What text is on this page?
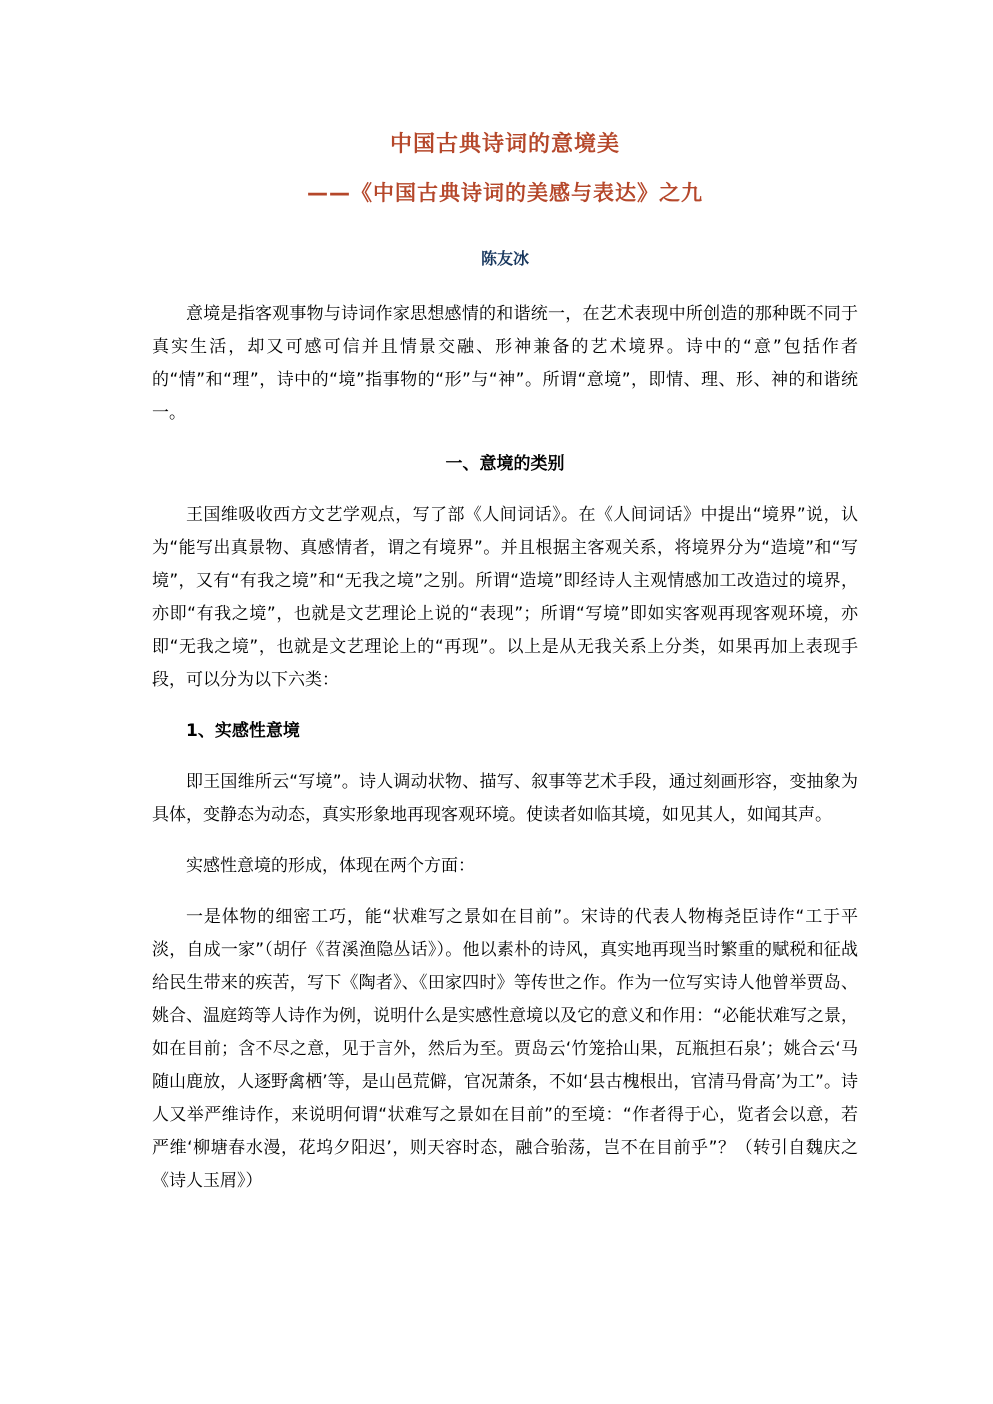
中国古典诗词的意境美
——《中国古典诗词的美感与表达》之九
陈友冰

意境是指客观事物与诗词作家思想感情的和谐统一，在艺术表现中所创造的那种既不同于真实生活，却又可感可信并且情景交融、形神兼备的艺术境界。诗中的“意”包括作者的“情”和“理”，诗中的“境”指事物的“形”与“神”。所谓“意境”，即情、理、形、神的和谐统一。

一、意境的类别

王国维吸收西方文艺学观点，写了部《人间词话》。在《人间词话》中提出“境界”说，认为“能写出真景物、真感情者，谓之有境界”。并且根据主客观关系，将境界分为“造境”和“写境”，又有“有我之境”和“无我之境”之别。所谓“造境”即经诗人主观情感加工改造过的境界，亦即“有我之境”，也就是文艺理论上说的“表现”；所谓“写境”即如实客观再现客观环境，亦即“无我之境”，也就是文艺理论上的“再现”。以上是从无我关系上分类，如果再加上表现手段，可以分为以下六类：

1、实感性意境

即王国维所云“写境”。诗人调动状物、描写、叙事等艺术手段，通过刻画形容，变抽象为具体，变静态为动态，真实形象地再现客观环境。使读者如临其境，如见其人，如闻其声。

实感性意境的形成，体现在两个方面：

一是体物的细密工巧，能“状难写之景如在目前”。宋诗的代表人物梅尧臣诗作“工于平淡，自成一家”（胡仔《苕溪渔隐丛话》）。他以素朴的诗风，真实地再现当时繁重的赋税和征战给民生带来的疾苦，写下《陶者》、《田家四时》等传世之作。作为一位写实诗人他曾举贾岛、姚合、温庭筠等人诗作为例，说明什么是实感性意境以及它的意义和作用：“必能状难写之景，如在目前；含不尽之意，见于言外，然后为至。贾岛云‘竹笼拾山果，瓦瓶担石泉’；姚合云‘马随山鹿放，人逐野禽栖’等，是山邑荒僻，官况萧条，不如‘县古槐根出，官清马骨高’为工”。诗人又举严维诗作，来说明何谓“状难写之景如在目前”的至境：“作者得于心，览者会以意，若严维‘柳塘春水漫，花坞夕阳迟’，则天容时态，融合骀荡，岂不在目前乎”？（转引自魏庆之《诗人玉屑》）
